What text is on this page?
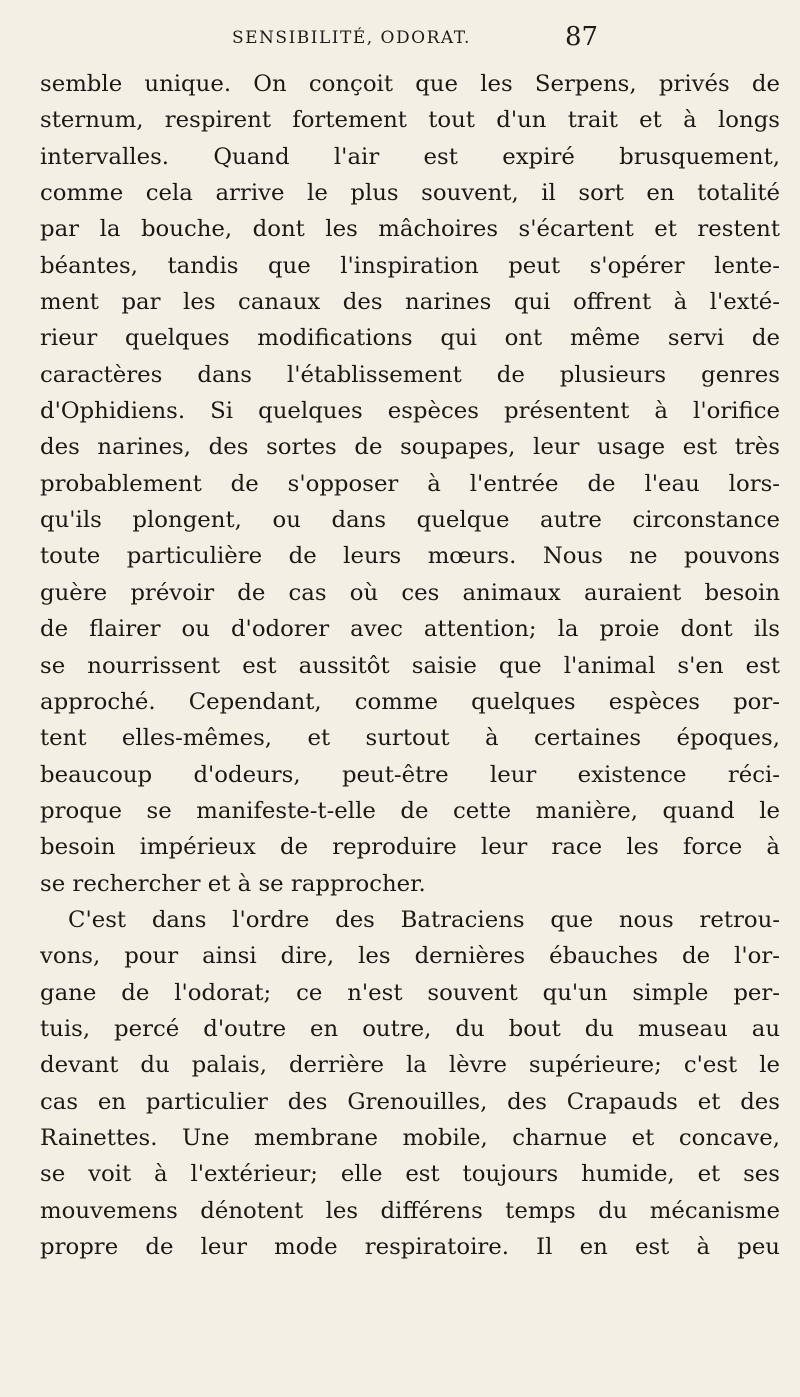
SENSIBILITÉ, ODORAT.	87
semble unique. On conçoit que les Serpens, privés de
sternum, respirent fortement tout d'un trait et à longs
intervalles. Quand l'air est expiré brusquement,
comme cela arrive le plus souvent, il sort en totalité
par la bouche, dont les mâchoires s'écartent et restent
béantes, tandis que l'inspiration peut s'opérer lente-
ment par les canaux des narines qui offrent à l'exté-
rieur quelques modifications qui ont même servi de
caractères dans l'établissement de plusieurs genres
d'Ophidiens. Si quelques espèces présentent à l'orifice
des narines, des sortes de soupapes, leur usage est très
probablement de s'opposer à l'entrée de l'eau lors-
qu'ils plongent, ou dans quelque autre circonstance
toute particulière de leurs mœurs. Nous ne pouvons
guère prévoir de cas où ces animaux auraient besoin
de flairer ou d'odorer avec attention; la proie dont ils
se nourrissent est aussitôt saisie que l'animal s'en est
approché. Cependant, comme quelques espèces por-
tent elles-mêmes, et surtout à certaines époques,
beaucoup d'odeurs, peut-être leur existence réci-
proque se manifeste-t-elle de cette manière, quand le
besoin impérieux de reproduire leur race les force à
se rechercher et à se rapprocher.
C'est dans l'ordre des Batraciens que nous retrou-
vons, pour ainsi dire, les dernières ébauches de l'or-
gane de l'odorat; ce n'est souvent qu'un simple per-
tuis, percé d'outre en outre, du bout du museau au
devant du palais, derrière la lèvre supérieure; c'est le
cas en particulier des Grenouilles, des Crapauds et des
Rainettes. Une membrane mobile, charnue et concave,
se voit à l'extérieur; elle est toujours humide, et ses
mouvemens dénotent les différens temps du mécanisme
propre de leur mode respiratoire. Il en est à peu
